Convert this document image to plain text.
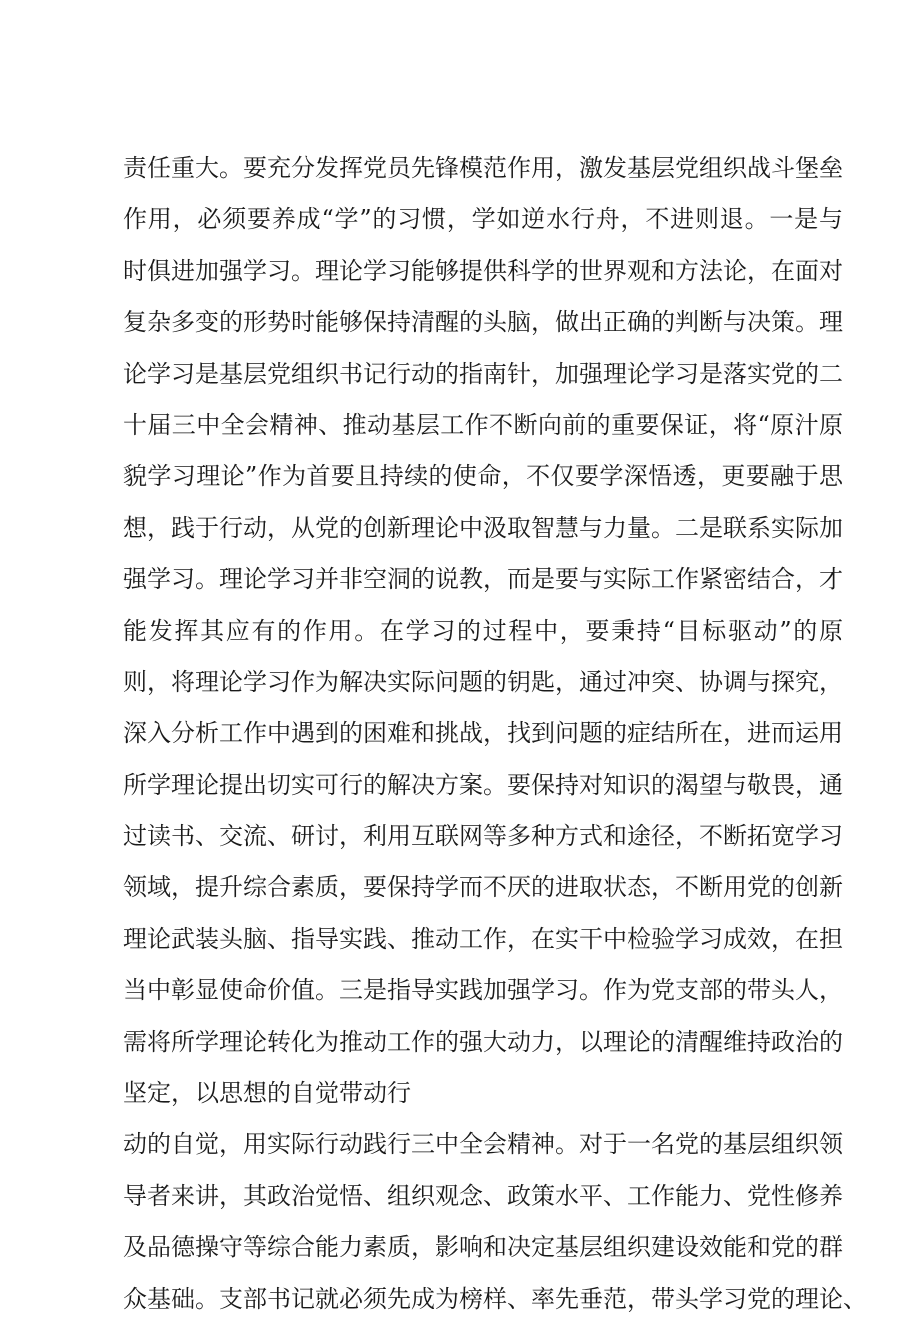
责任重大。要充分发挥党员先锋模范作用，激发基层党组织战斗堡垒
作用，必须要养成“学”的习惯，学如逆水行舟，不进则退。一是与
时俱进加强学习。理论学习能够提供科学的世界观和方法论，在面对
复杂多变的形势时能够保持清醒的头脑，做出正确的判断与决策。理
论学习是基层党组织书记行动的指南针，加强理论学习是落实党的二
十届三中全会精神、推动基层工作不断向前的重要保证，将“原汁原
貌学习理论”作为首要且持续的使命，不仅要学深悟透，更要融于思
想，践于行动，从党的创新理论中汲取智慧与力量。二是联系实际加
强学习。理论学习并非空洞的说教，而是要与实际工作紧密结合，才
能发挥其应有的作用。在学习的过程中，要秉持“目标驱动”的原
则，将理论学习作为解决实际问题的钥匙，通过冲突、协调与探究，
深入分析工作中遇到的困难和挑战，找到问题的症结所在，进而运用
所学理论提出切实可行的解决方案。要保持对知识的渴望与敬畏，通
过读书、交流、研讨，利用互联网等多种方式和途径，不断拓宽学习
领域，提升综合素质，要保持学而不厌的进取状态，不断用党的创新
理论武装头脑、指导实践、推动工作，在实干中检验学习成效，在担
当中彰显使命价值。三是指导实践加强学习。作为党支部的带头人，
需将所学理论转化为推动工作的强大动力，以理论的清醒维持政治的
坚定，以思想的自觉带动行
动的自觉，用实际行动践行三中全会精神。对于一名党的基层组织领
导者来讲，其政治觉悟、组织观念、政策水平、工作能力、党性修养
及品德操守等综合能力素质，影响和决定基层组织建设效能和党的群
众基础。支部书记就必须先成为榜样、率先垂范，带头学习党的理论、
